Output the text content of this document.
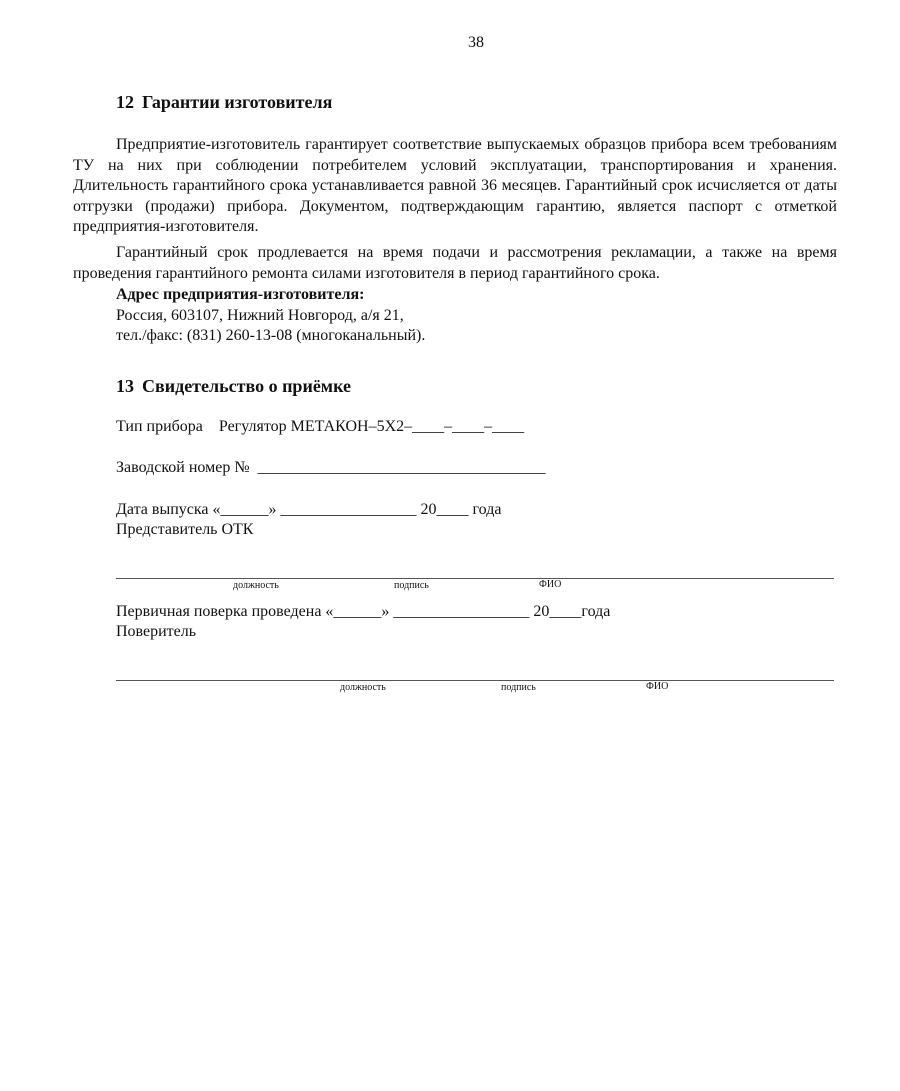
38
12 Гарантии изготовителя

Предприятие-изготовитель гарантирует соответствие выпускаемых образцов прибора всем требованиям ТУ на них при соблюдении потребителем условий эксплуатации, транспортирования и хранения. Длительность гарантийного срока устанавливается равной 36 месяцев. Гарантийный срок исчисляется от даты отгрузки (продажи) прибора. Документом, подтверждающим гарантию, является паспорт с отметкой предприятия-изготовителя.

Гарантийный срок продлевается на время подачи и рассмотрения рекламации, а также на время проведения гарантийного ремонта силами изготовителя в период гарантийного срока.

Адрес предприятия-изготовителя:
Россия, 603107, Нижний Новгород, а/я 21,
тел./факс: (831) 260-13-08 (многоканальный).
13 Свидетельство о приёмке
Тип прибора Регулятор МЕТАКОН–5Х2–____–____–____
Заводской номер № ____________________________________
Дата выпуска «______» _________________ 20____ года
Представитель ОТК
должность	подпись	ФИО
Первичная поверка проведена «______» _________________ 20____года
Поверитель
должность	подпись	ФИО
